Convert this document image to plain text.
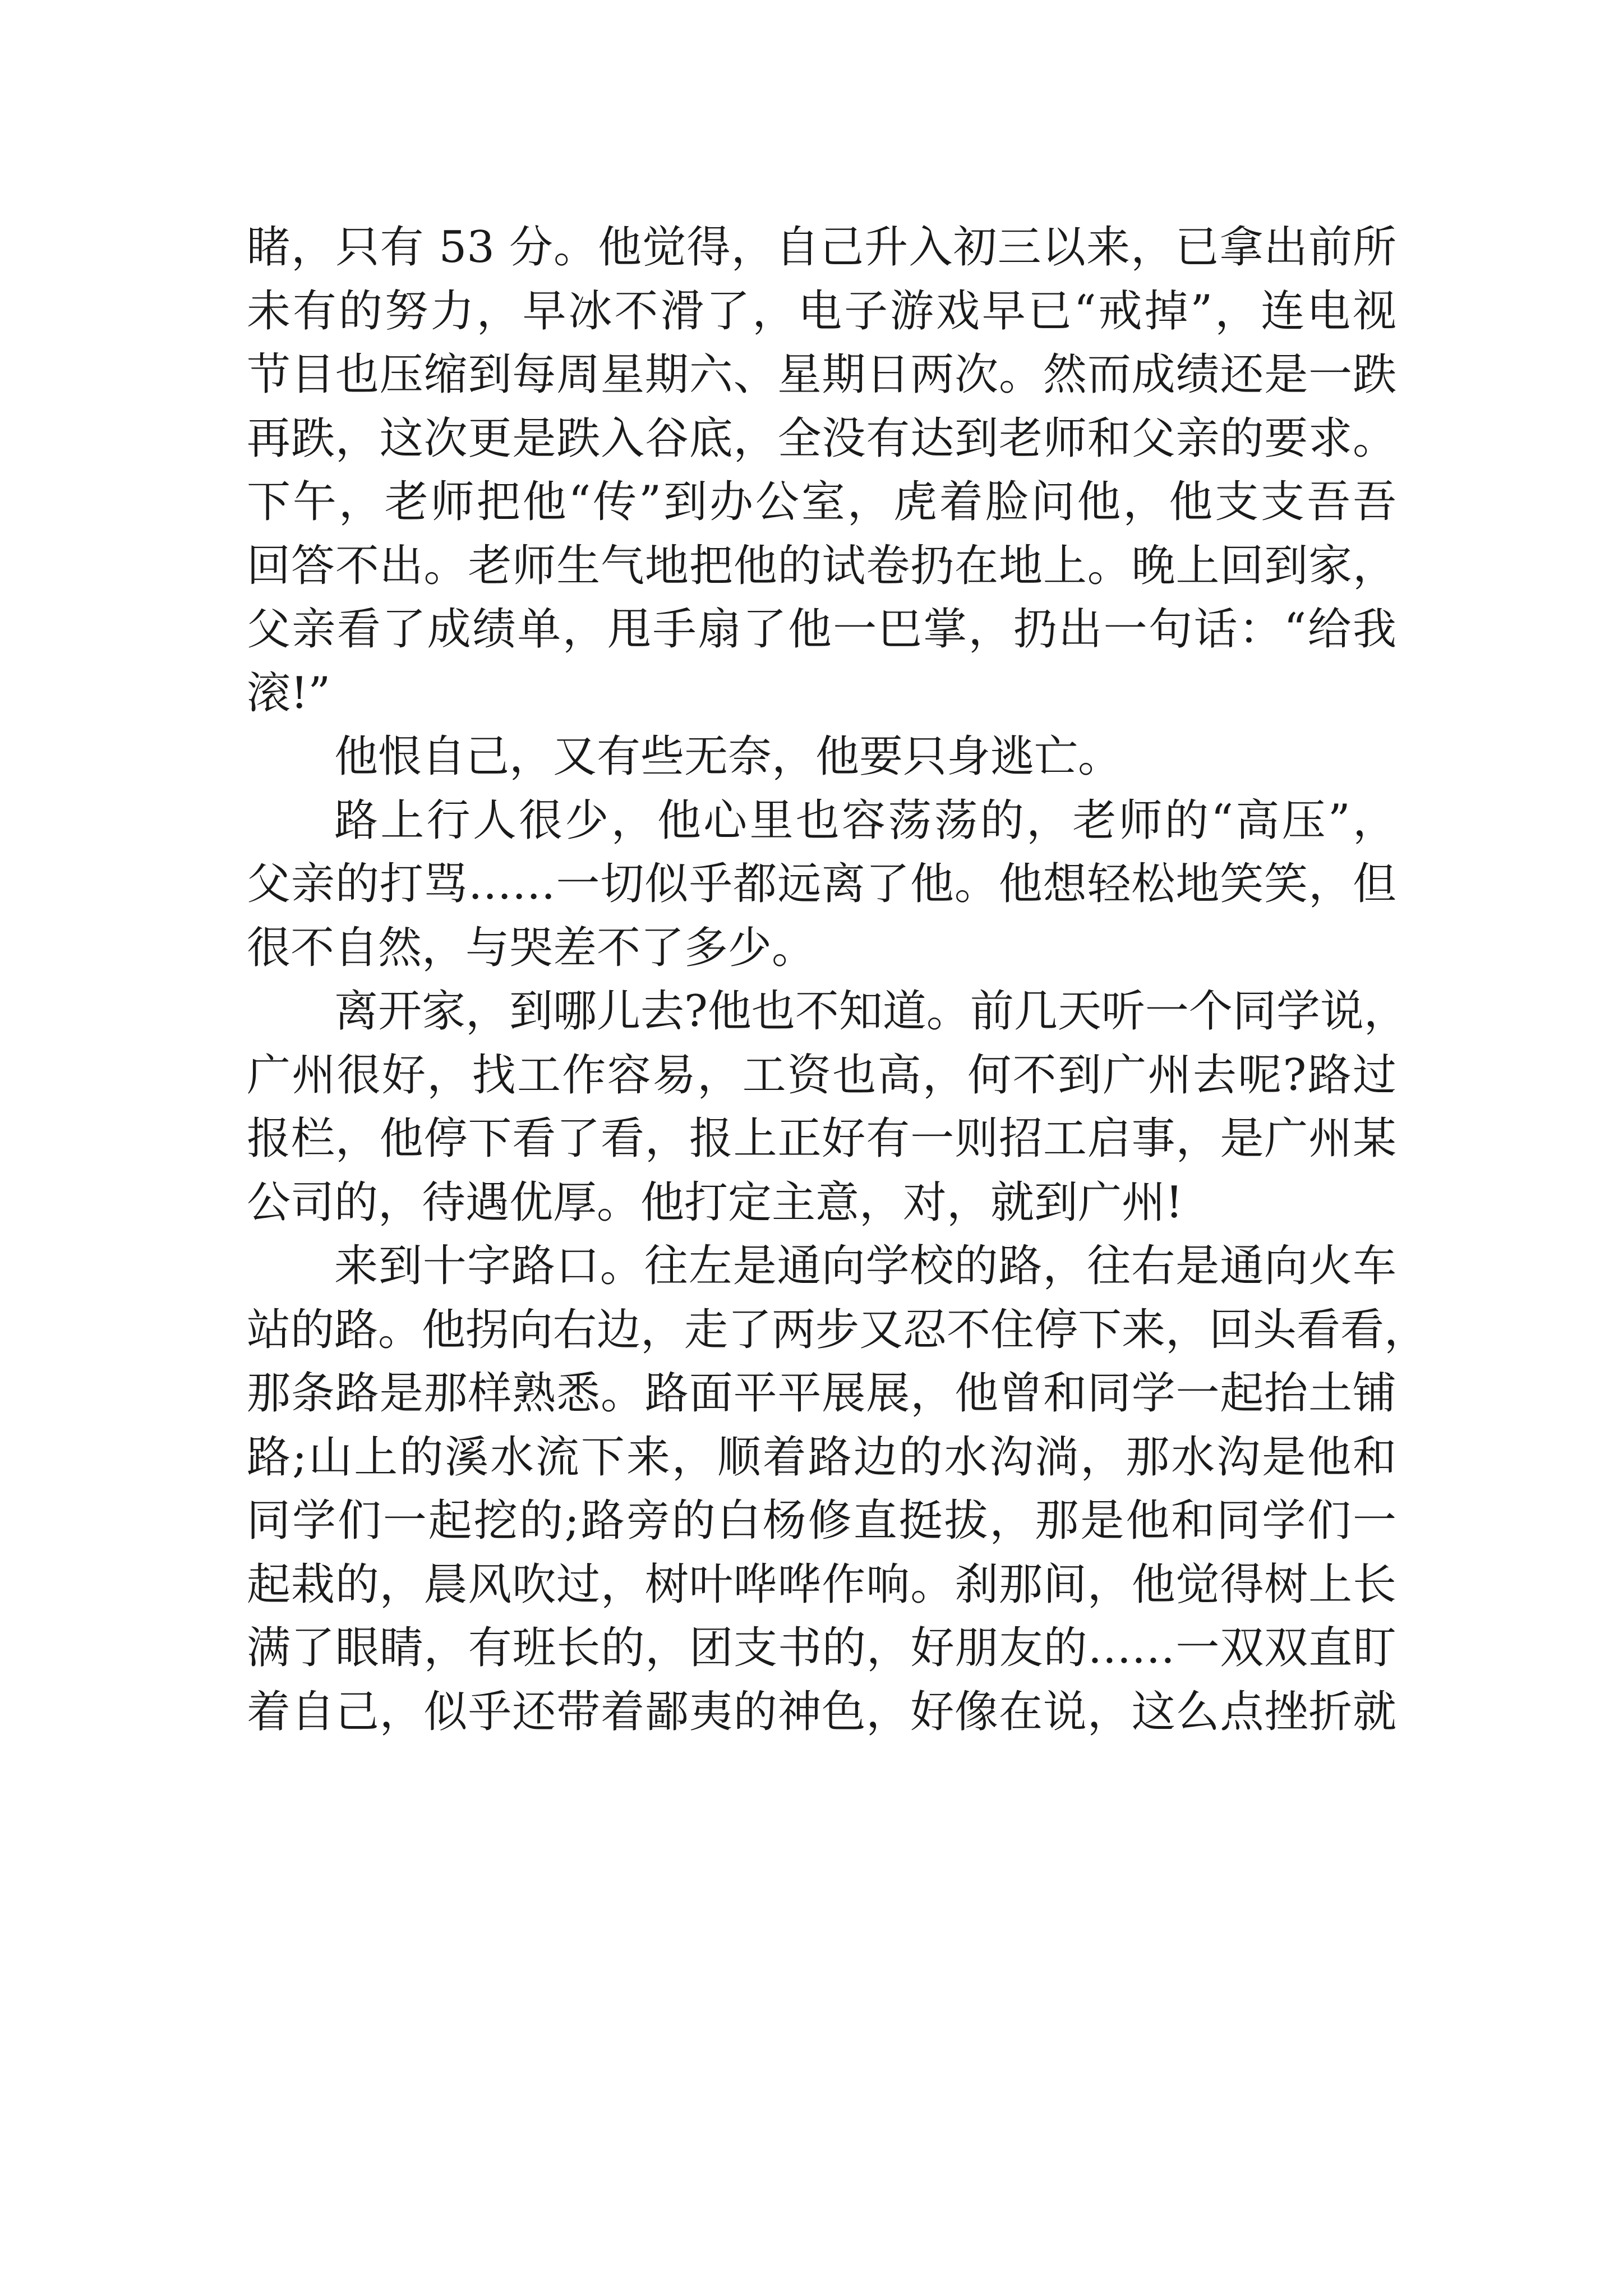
睹，只有 53 分。他觉得，自己升入初三以来，已拿出前所
未有的努力，早冰不滑了，电子游戏早已“戒掉”，连电视
节目也压缩到每周星期六、星期日两次。然而成绩还是一跌
再跌，这次更是跌入谷底，全没有达到老师和父亲的要求。
下午，老师把他“传”到办公室，虎着脸问他，他支支吾吾
回答不出。老师生气地把他的试卷扔在地上。晚上回到家，
父亲看了成绩单，甩手扇了他一巴掌，扔出一句话：“给我
滚!”
他恨自己，又有些无奈，他要只身逃亡。
路上行人很少，他心里也容荡荡的，老师的“高压”，
父亲的打骂……一切似乎都远离了他。他想轻松地笑笑，但
很不自然，与哭差不了多少。
离开家，到哪儿去?他也不知道。前几天听一个同学说，
广州很好，找工作容易，工资也高，何不到广州去呢?路过
报栏，他停下看了看，报上正好有一则招工启事，是广州某
公司的，待遇优厚。他打定主意，对，就到广州!
来到十字路口。往左是通向学校的路，往右是通向火车
站的路。他拐向右边，走了两步又忍不住停下来，回头看看，
那条路是那样熟悉。路面平平展展，他曾和同学一起抬土铺
路;山上的溪水流下来，顺着路边的水沟淌，那水沟是他和
同学们一起挖的;路旁的白杨修直挺拔，那是他和同学们一
起栽的，晨风吹过，树叶哗哗作响。刹那间，他觉得树上长
满了眼睛，有班长的，团支书的，好朋友的……一双双直盯
着自己，似乎还带着鄙夷的神色，好像在说，这么点挫折就
